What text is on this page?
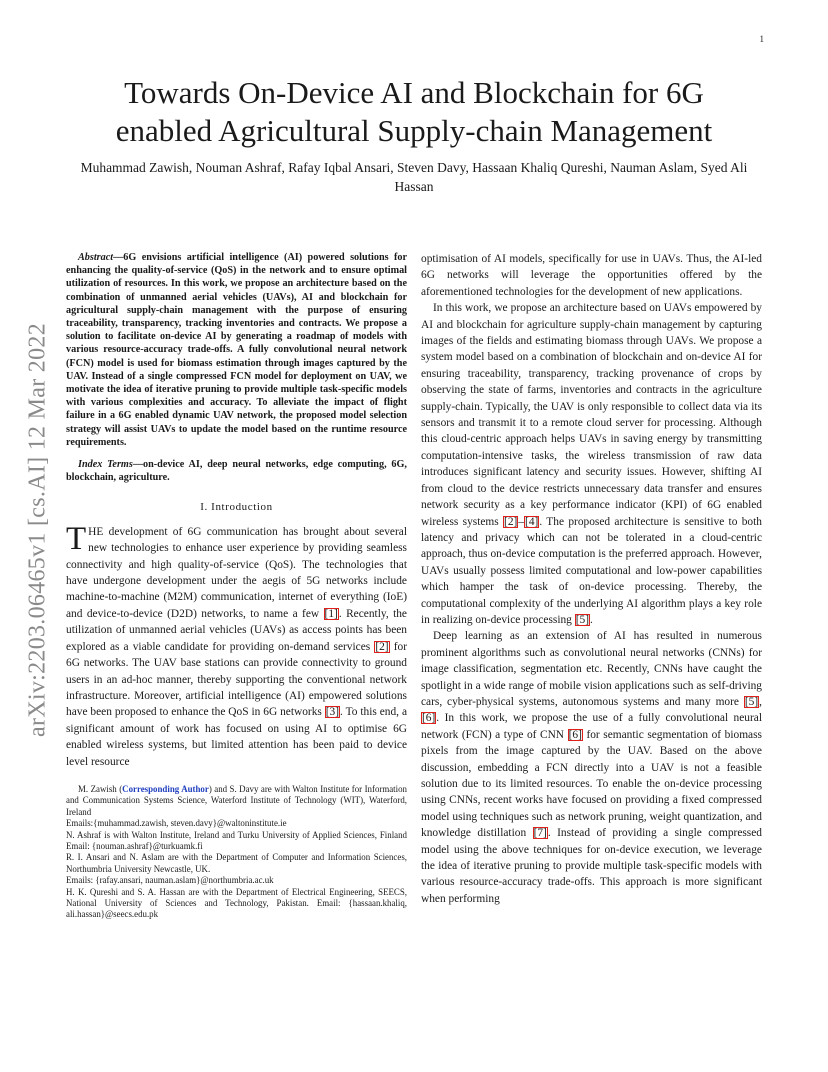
1
arXiv:2203.06465v1 [cs.AI] 12 Mar 2022
Towards On-Device AI and Blockchain for 6G enabled Agricultural Supply-chain Management
Muhammad Zawish, Nouman Ashraf, Rafay Iqbal Ansari, Steven Davy, Hassaan Khaliq Qureshi, Nauman Aslam, Syed Ali Hassan

Abstract—6G envisions artificial intelligence (AI) powered solutions for enhancing the quality-of-service (QoS) in the network and to ensure optimal utilization of resources. In this work, we propose an architecture based on the combination of unmanned aerial vehicles (UAVs), AI and blockchain for agricultural supply-chain management with the purpose of ensuring traceability, transparency, tracking inventories and contracts. We propose a solution to facilitate on-device AI by generating a roadmap of models with various resource-accuracy trade-offs. A fully convolutional neural network (FCN) model is used for biomass estimation through images captured by the UAV. Instead of a single compressed FCN model for deployment on UAV, we motivate the idea of iterative pruning to provide multiple task-specific models with various complexities and accuracy. To alleviate the impact of flight failure in a 6G enabled dynamic UAV network, the proposed model selection strategy will assist UAVs to update the model based on the runtime resource requirements.

Index Terms—on-device AI, deep neural networks, edge computing, 6G, blockchain, agriculture.

I. Introduction

THE development of 6G communication has brought about several new technologies to enhance user experience by providing seamless connectivity and high quality-of-service (QoS). The technologies that have undergone development under the aegis of 5G networks include machine-to-machine (M2M) communication, internet of everything (IoE) and device-to-device (D2D) networks, to name a few [1]. Recently, the utilization of unmanned aerial vehicles (UAVs) as access points has been explored as a viable candidate for providing on-demand services [2] for 6G networks. The UAV base stations can provide connectivity to ground users in an ad-hoc manner, thereby supporting the conventional network infrastructure. Moreover, artificial intelligence (AI) empowered solutions have been proposed to enhance the QoS in 6G networks [3]. To this end, a significant amount of work has focused on using AI to optimise 6G enabled wireless systems, but limited attention has been paid to device level resource

M. Zawish (Corresponding Author) and S. Davy are with Walton Institute for Information and Communication Systems Science, Waterford Institute of Technology (WIT), Waterford, Ireland

Emails:{muhammad.zawish, steven.davy}@waltoninstitute.ie

N. Ashraf is with Walton Institute, Ireland and Turku University of Applied Sciences, Finland Email: {nouman.ashraf}@turkuamk.fi

R. I. Ansari and N. Aslam are with the Department of Computer and Information Sciences, Northumbria University Newcastle, UK.

Emails: {rafay.ansari, nauman.aslam}@northumbria.ac.uk

H. K. Qureshi and S. A. Hassan are with the Department of Electrical Engineering, SEECS, National University of Sciences and Technology, Pakistan. Email: {hassaan.khaliq, ali.hassan}@seecs.edu.pk

optimisation of AI models, specifically for use in UAVs. Thus, the AI-led 6G networks will leverage the opportunities offered by the aforementioned technologies for the development of new applications.

In this work, we propose an architecture based on UAVs empowered by AI and blockchain for agriculture supply-chain management by capturing images of the fields and estimating biomass through UAVs. We propose a system model based on a combination of blockchain and on-device AI for ensuring traceability, transparency, tracking provenance of crops by observing the state of farms, inventories and contracts in the agriculture supply-chain. Typically, the UAV is only responsible to collect data via its sensors and transmit it to a remote cloud server for processing. Although this cloud-centric approach helps UAVs in saving energy by transmitting computation-intensive tasks, the wireless transmission of raw data introduces significant latency and security issues. However, shifting AI from cloud to the device restricts unnecessary data transfer and ensures network security as a key performance indicator (KPI) of 6G enabled wireless systems [2]–[4]. The proposed architecture is sensitive to both latency and privacy which can not be tolerated in a cloud-centric approach, thus on-device computation is the preferred approach. However, UAVs usually possess limited computational and low-power capabilities which hamper the task of on-device processing. Thereby, the computational complexity of the underlying AI algorithm plays a key role in realizing on-device processing [5].

Deep learning as an extension of AI has resulted in numerous prominent algorithms such as convolutional neural networks (CNNs) for image classification, segmentation etc. Recently, CNNs have caught the spotlight in a wide range of mobile vision applications such as self-driving cars, cyber-physical systems, autonomous systems and many more [5], [6]. In this work, we propose the use of a fully convolutional neural network (FCN) a type of CNN [6] for semantic segmentation of biomass pixels from the image captured by the UAV. Based on the above discussion, embedding a FCN directly into a UAV is not a feasible solution due to its limited resources. To enable the on-device processing using CNNs, recent works have focused on providing a fixed compressed model using techniques such as network pruning, weight quantization, and knowledge distillation [7]. Instead of providing a single compressed model using the above techniques for on-device execution, we leverage the idea of iterative pruning to provide multiple task-specific models with various resource-accuracy trade-offs. This approach is more significant when performing
